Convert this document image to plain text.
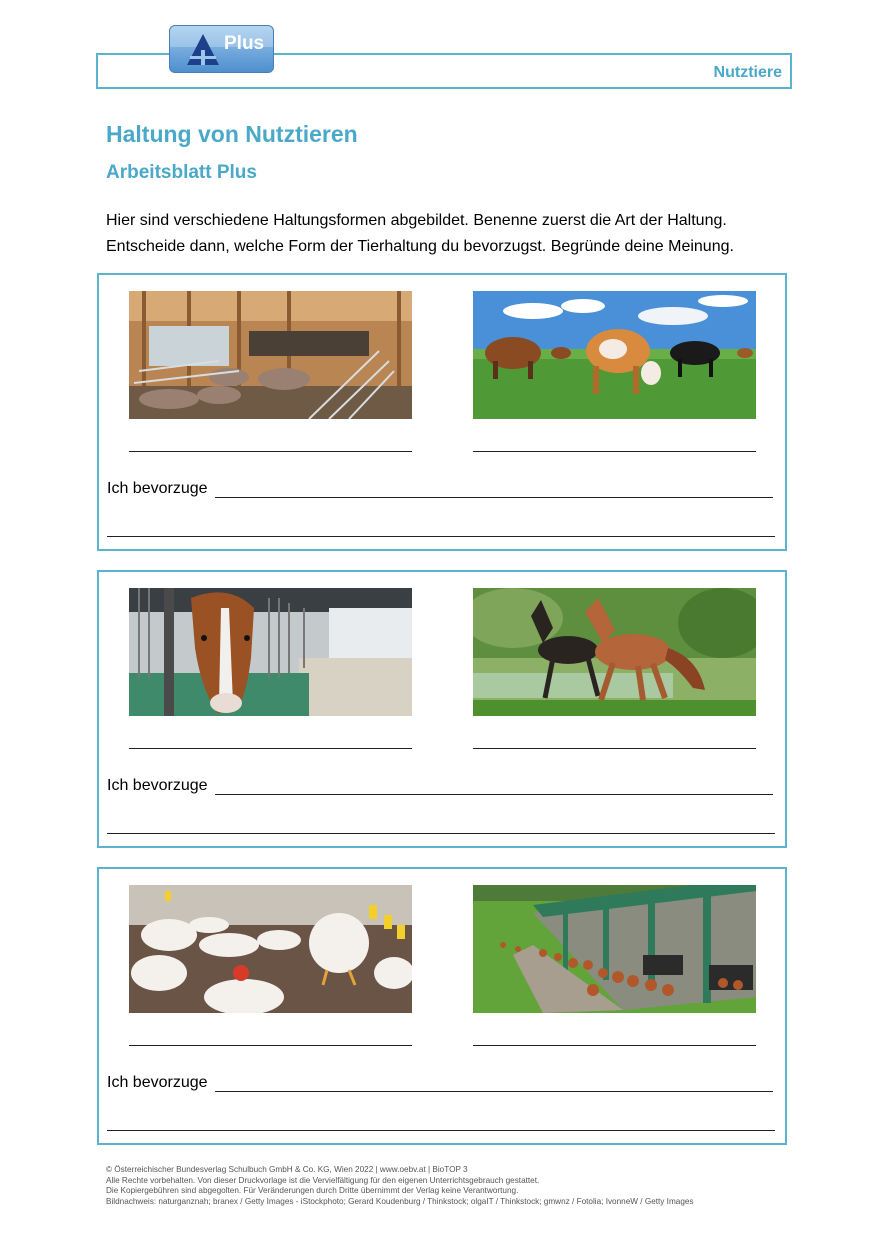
Nutztiere
Plus
Haltung von Nutztieren
Arbeitsblatt Plus

Hier sind verschiedene Haltungsformen abgebildet. Benenne zuerst die Art der Haltung.

Entscheide dann, welche Form der Tierhaltung du bevorzugst. Begründe deine Meinung.

Ich bevorzuge
Ich bevorzuge
Ich bevorzuge
© Österreichischer Bundesverlag Schulbuch GmbH & Co. KG, Wien 2022 | www.oebv.at | BioTOP 3
Alle Rechte vorbehalten. Von dieser Druckvorlage ist die Vervielfältigung für den eigenen Unterrichtsgebrauch gestattet.
Die Kopiergebühren sind abgegolten. Für Veränderungen durch Dritte übernimmt der Verlag keine Verantwortung.
Bildnachweis: naturganznah; branex / Getty Images - iStockphoto; Gerard Koudenburg / Thinkstock; olgaIT / Thinkstock; gmwnz / Fotolia; IvonneW / Getty Images
